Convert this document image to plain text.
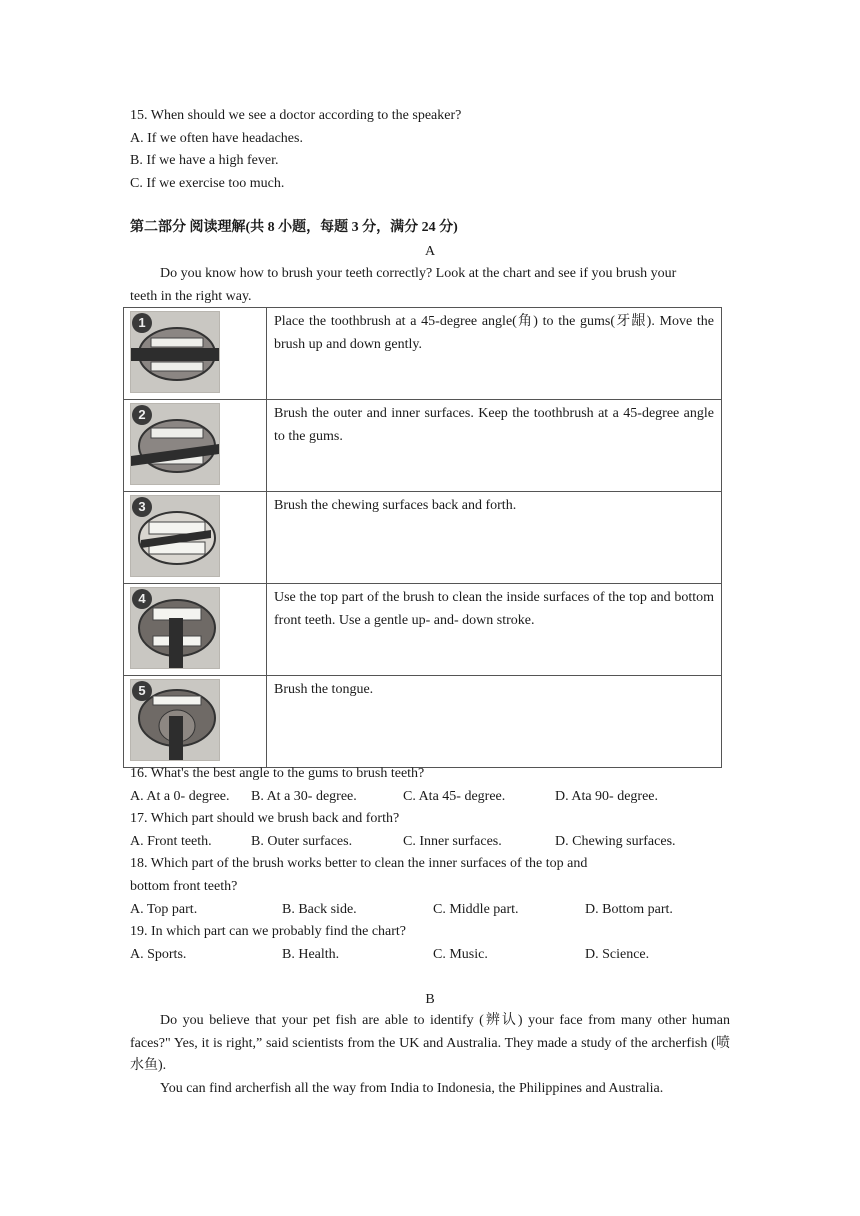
15. When should we see a doctor according to the speaker?
A. If we often have headaches.
B. If we have a high fever.
C. If we exercise too much.
第二部分 阅读理解(共 8 小题，每题 3 分，满分 24 分)
A
Do you know how to brush your teeth correctly? Look at the chart and see if you brush your
teeth in the right way.
1	Place the toothbrush at a 45-degree angle(角) to the gums(牙龈). Move the brush up and down gently.

2	Brush the outer and inner surfaces. Keep the toothbrush at a 45-degree angle to the gums.

3	Brush the chewing surfaces back and forth.

4	Use the top part of the brush to clean the inside surfaces of the top and bottom front teeth. Use a gentle up- and- down stroke.

5	Brush the tongue.
16. What's the best angle to the gums to brush teeth?
A. At a 0- degree. B. At a 30- degree.	C. Ata 45- degree.	D. Ata 90- degree.
17. Which part should we brush back and forth?
A. Front teeth.	B. Outer surfaces.	C. Inner surfaces.	D. Chewing surfaces.
18. Which part of the brush works better to clean the inner surfaces of the top and
bottom front teeth?
A. Top part.	B. Back side.	C. Middle part.	D. Bottom part.
19. In which part can we probably find the chart?
A. Sports.	B. Health.	C. Music.	D. Science.
B
Do you believe that your pet fish are able to identify (辨认) your face from many other human faces?" Yes, it is right,” said scientists from the UK and Australia. They made a study of the archerfish (喷水鱼).
You can find archerfish all the way from India to Indonesia, the Philippines and Australia.
